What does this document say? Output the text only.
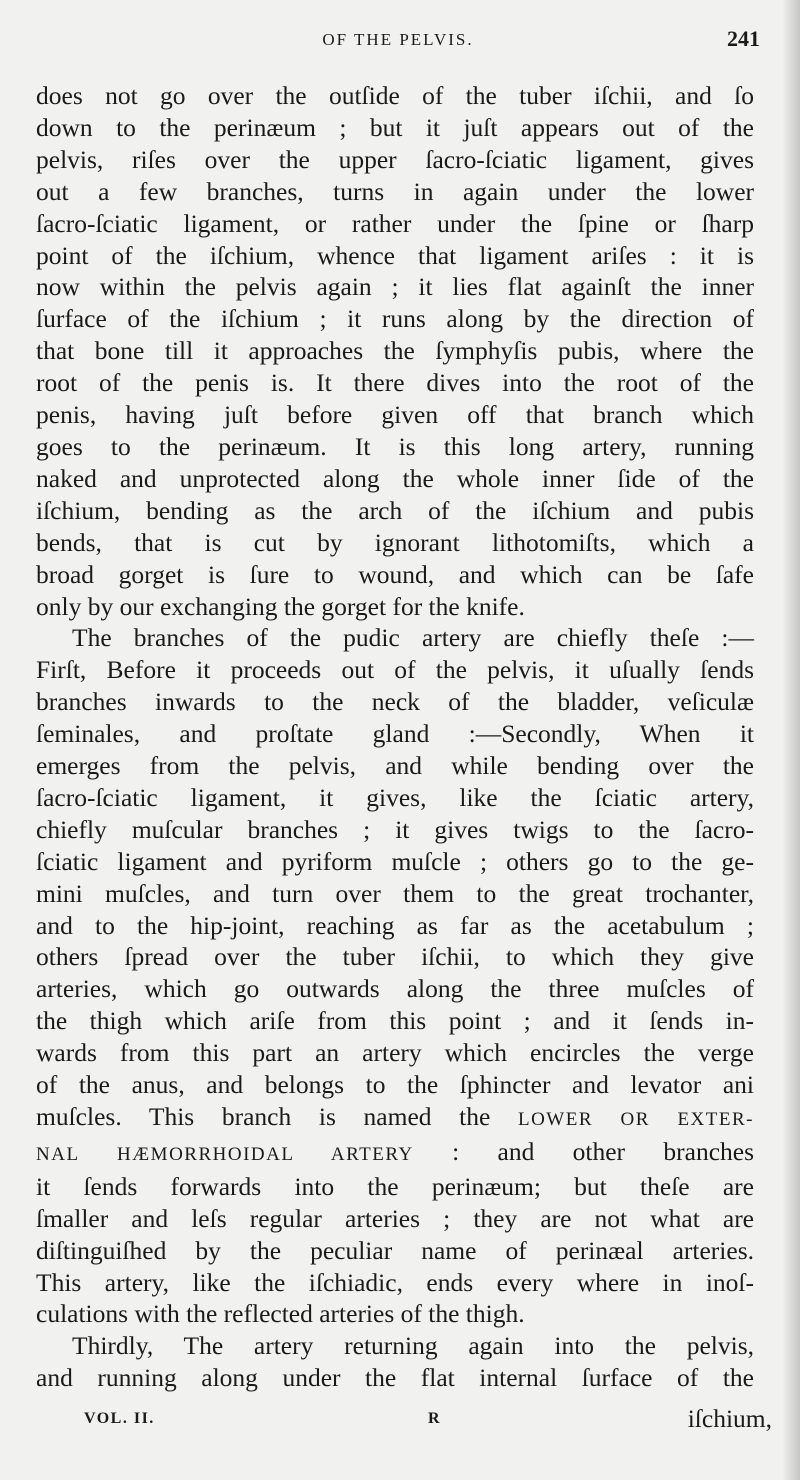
OF THE PELVIS.	241
does not go over the outſide of the tuber iſchii, and ſo
down to the perinæum ; but it juſt appears out of the
pelvis, riſes over the upper ſacro-ſciatic ligament, gives
out a few branches, turns in again under the lower
ſacro-ſciatic ligament, or rather under the ſpine or ſharp
point of the iſchium, whence that ligament ariſes : it is
now within the pelvis again ; it lies flat againſt the inner
ſurface of the iſchium ; it runs along by the direction of
that bone till it approaches the ſymphyſis pubis, where the
root of the penis is. It there dives into the root of the
penis, having juſt before given off that branch which
goes to the perinæum. It is this long artery, running
naked and unprotected along the whole inner ſide of the
iſchium, bending as the arch of the iſchium and pubis
bends, that is cut by ignorant lithotomiſts, which a
broad gorget is ſure to wound, and which can be ſafe
only by our exchanging the gorget for the knife.
The branches of the pudic artery are chiefly theſe :—
Firſt, Before it proceeds out of the pelvis, it uſually ſends
branches inwards to the neck of the bladder, veſiculæ
ſeminales, and proſtate gland :—Secondly, When it
emerges from the pelvis, and while bending over the
ſacro-ſciatic ligament, it gives, like the ſciatic artery,
chiefly muſcular branches ; it gives twigs to the ſacro-
ſciatic ligament and pyriform muſcle ; others go to the ge-
mini muſcles, and turn over them to the great trochanter,
and to the hip-joint, reaching as far as the acetabulum ;
others ſpread over the tuber iſchii, to which they give
arteries, which go outwards along the three muſcles of
the thigh which ariſe from this point ; and it ſends in-
wards from this part an artery which encircles the verge
of the anus, and belongs to the ſphincter and levator ani
muſcles. This branch is named the LOWER OR EXTER-
NAL HÆMORRHOIDAL ARTERY : and other branches
it ſends forwards into the perinæum; but theſe are
ſmaller and leſs regular arteries ; they are not what are
diſtinguiſhed by the peculiar name of perinæal arteries.
This artery, like the iſchiadic, ends every where in inoſ-
culations with the reflected arteries of the thigh.
Thirdly, The artery returning again into the pelvis,
and running along under the flat internal ſurface of the
VOL. II.	R	iſchium,
